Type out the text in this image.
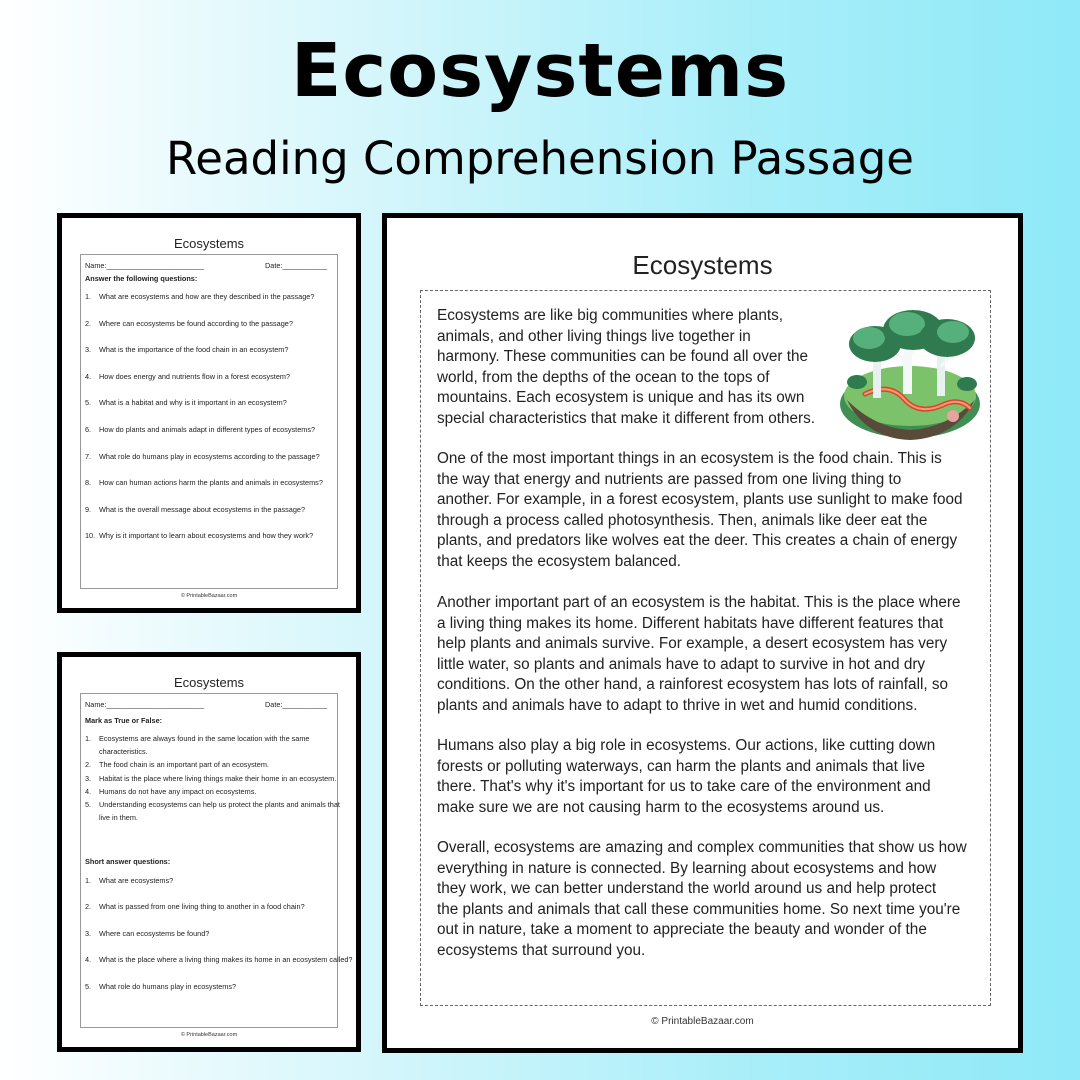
Ecosystems
Reading Comprehension Passage
Ecosystems
Name:________________________	Date:___________
Answer the following questions:
1. What are ecosystems and how are they described in the passage?
2. Where can ecosystems be found according to the passage?
3. What is the importance of the food chain in an ecosystem?
4. How does energy and nutrients flow in a forest ecosystem?
5. What is a habitat and why is it important in an ecosystem?
6. How do plants and animals adapt in different types of ecosystems?
7. What role do humans play in ecosystems according to the passage?
8. How can human actions harm the plants and animals in ecosystems?
9. What is the overall message about ecosystems in the passage?
10. Why is it important to learn about ecosystems and how they work?
© PrintableBazaar.com
Ecosystems
Name:________________________	Date:___________
Mark as True or False:
1. Ecosystems are always found in the same location with the same
characteristics.
2. The food chain is an important part of an ecosystem.
3. Habitat is the place where living things make their home in an ecosystem.
4. Humans do not have any impact on ecosystems.
5. Understanding ecosystems can help us protect the plants and animals that
live in them.
Short answer questions:
1. What are ecosystems?
2. What is passed from one living thing to another in a food chain?
3. Where can ecosystems be found?
4. What is the place where a living thing makes its home in an ecosystem called?
5. What role do humans play in ecosystems?
© PrintableBazaar.com
Ecosystems

Ecosystems are like big communities where plants,
animals, and other living things live together in
harmony. These communities can be found all over the
world, from the depths of the ocean to the tops of
mountains. Each ecosystem is unique and has its own
special characteristics that make it different from others.

One of the most important things in an ecosystem is the food chain. This is
the way that energy and nutrients are passed from one living thing to
another. For example, in a forest ecosystem, plants use sunlight to make food
through a process called photosynthesis. Then, animals like deer eat the
plants, and predators like wolves eat the deer. This creates a chain of energy
that keeps the ecosystem balanced.

Another important part of an ecosystem is the habitat. This is the place where
a living thing makes its home. Different habitats have different features that
help plants and animals survive. For example, a desert ecosystem has very
little water, so plants and animals have to adapt to survive in hot and dry
conditions. On the other hand, a rainforest ecosystem has lots of rainfall, so
plants and animals have to adapt to thrive in wet and humid conditions.

Humans also play a big role in ecosystems. Our actions, like cutting down
forests or polluting waterways, can harm the plants and animals that live
there. That's why it's important for us to take care of the environment and
make sure we are not causing harm to the ecosystems around us.

Overall, ecosystems are amazing and complex communities that show us how
everything in nature is connected. By learning about ecosystems and how
they work, we can better understand the world around us and help protect
the plants and animals that call these communities home. So next time you're
out in nature, take a moment to appreciate the beauty and wonder of the
ecosystems that surround you.

© PrintableBazaar.com
